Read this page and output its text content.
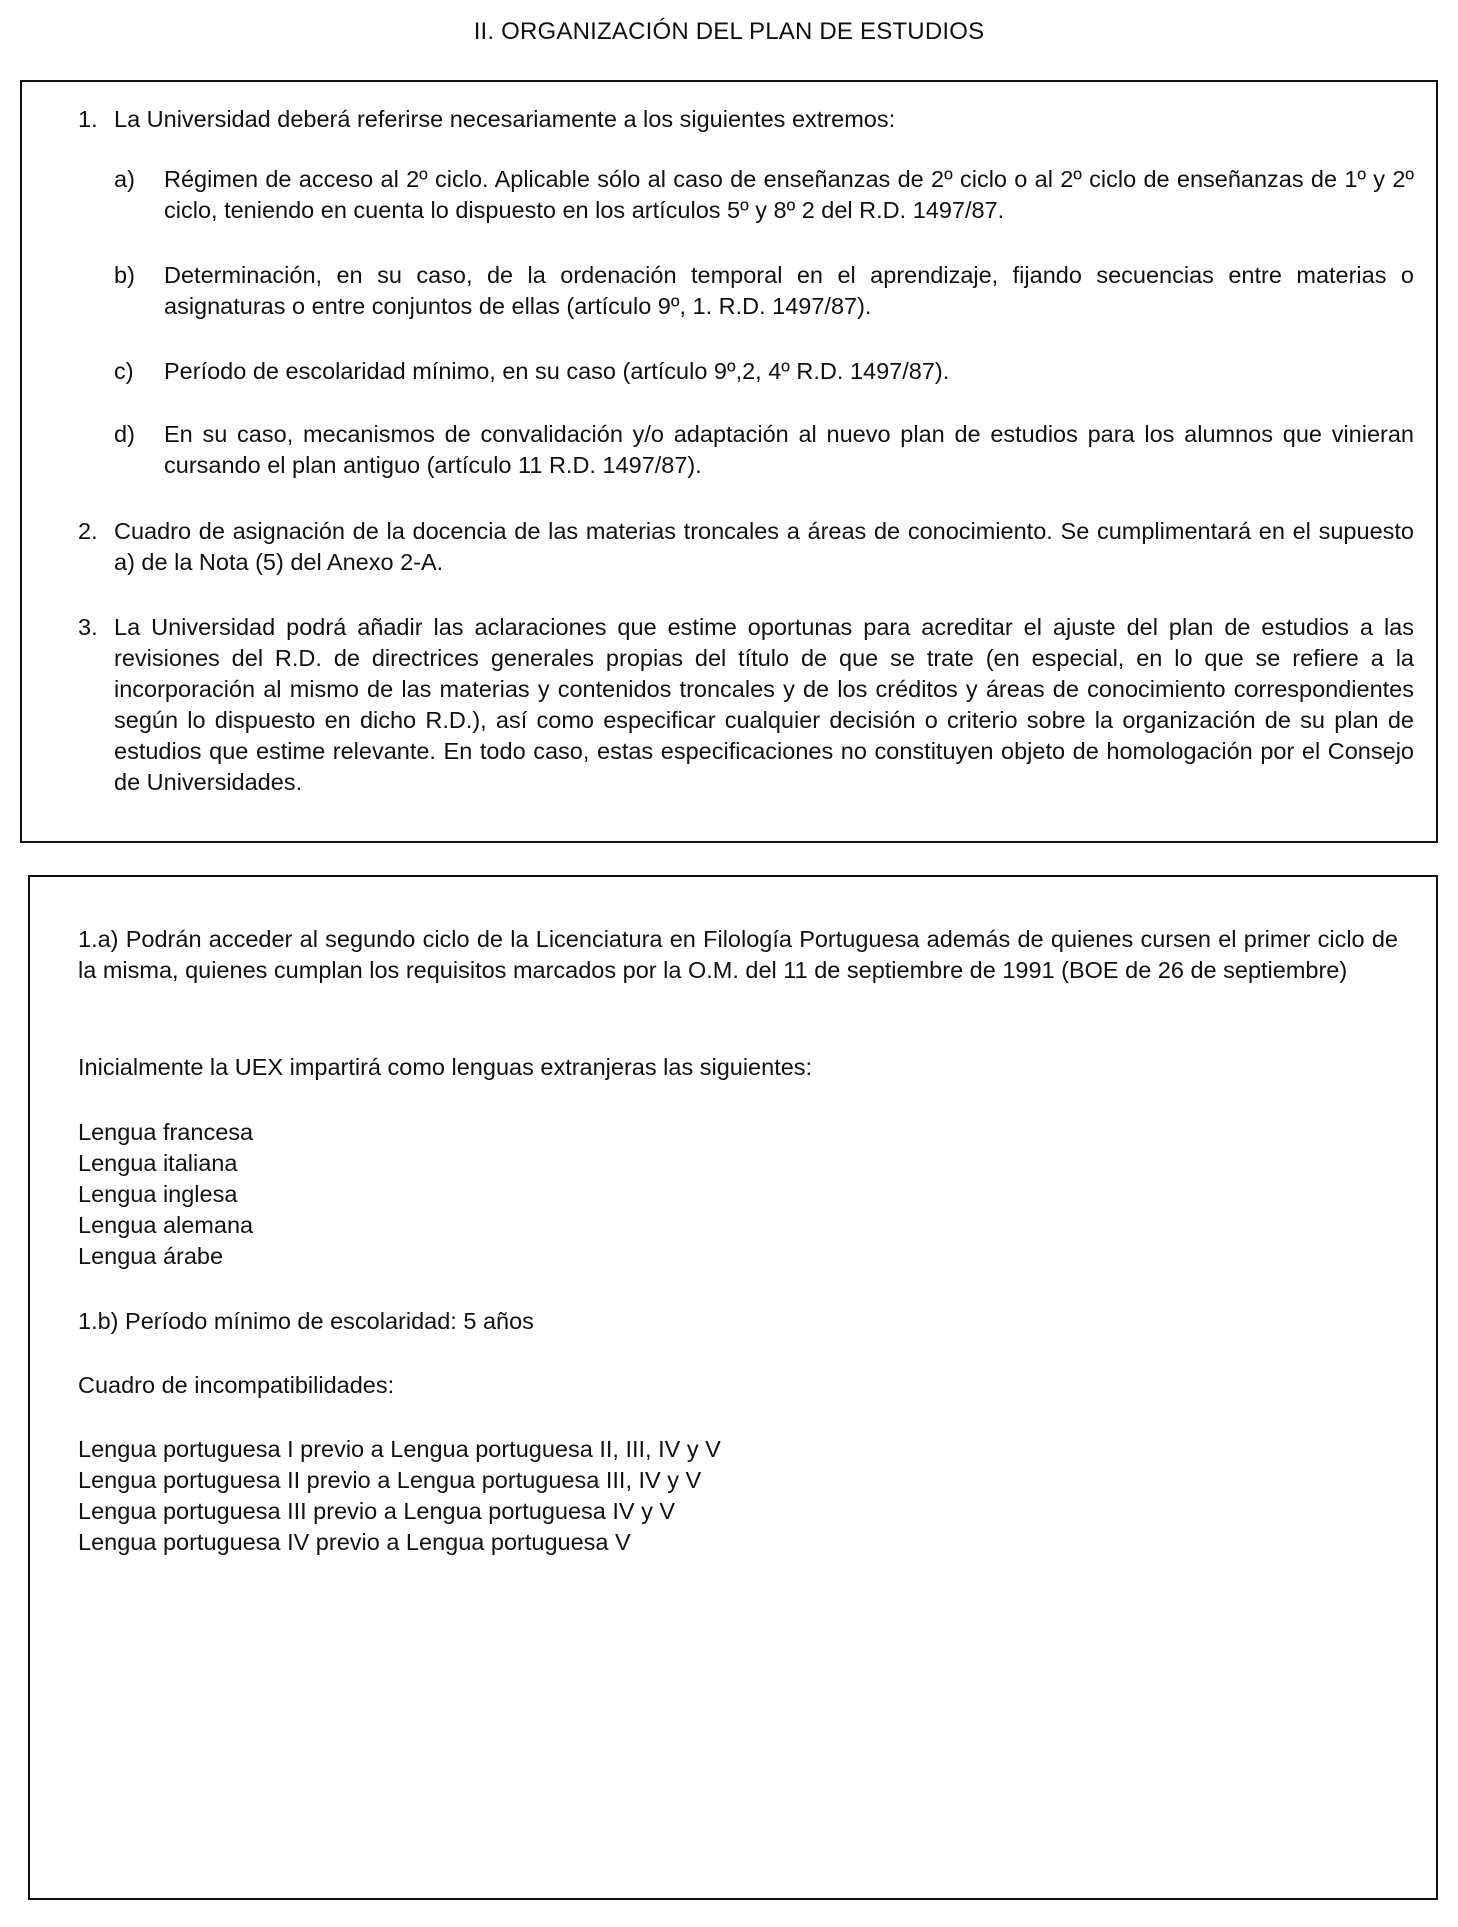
II. ORGANIZACIÓN DEL PLAN DE ESTUDIOS
1. La Universidad deberá referirse necesariamente a los siguientes extremos:
a) Régimen de acceso al 2º ciclo. Aplicable sólo al caso de enseñanzas de 2º ciclo o al 2º ciclo de enseñanzas de 1º y 2º ciclo, teniendo en cuenta lo dispuesto en los artículos 5º y 8º 2 del R.D. 1497/87.
b) Determinación, en su caso, de la ordenación temporal en el aprendizaje, fijando secuencias entre materias o asignaturas o entre conjuntos de ellas (artículo 9º, 1. R.D. 1497/87).
c) Período de escolaridad mínimo, en su caso (artículo 9º,2, 4º R.D. 1497/87).
d) En su caso, mecanismos de convalidación y/o adaptación al nuevo plan de estudios para los alumnos que vinieran cursando el plan antiguo (artículo 11 R.D. 1497/87).
2. Cuadro de asignación de la docencia de las materias troncales a áreas de conocimiento. Se cumplimentará en el supuesto a) de la Nota (5) del Anexo 2-A.
3. La Universidad podrá añadir las aclaraciones que estime oportunas para acreditar el ajuste del plan de estudios a las revisiones del R.D. de directrices generales propias del título de que se trate (en especial, en lo que se refiere a la incorporación al mismo de las materias y contenidos troncales y de los créditos y áreas de conocimiento correspondientes según lo dispuesto en dicho R.D.), así como especificar cualquier decisión o criterio sobre la organización de su plan de estudios que estime relevante. En todo caso, estas especificaciones no constituyen objeto de homologación por el Consejo de Universidades.
1.a) Podrán acceder al segundo ciclo de la Licenciatura en Filología Portuguesa además de quienes cursen el primer ciclo de la misma, quienes cumplan los requisitos marcados por la O.M. del 11 de septiembre de 1991 (BOE de 26 de septiembre)
Inicialmente la UEX impartirá como lenguas extranjeras las siguientes:
Lengua francesa
Lengua italiana
Lengua inglesa
Lengua alemana
Lengua árabe
1.b) Período mínimo de escolaridad: 5 años
Cuadro de incompatibilidades:
Lengua portuguesa I previo a Lengua portuguesa II, III, IV y V
Lengua portuguesa II previo a Lengua portuguesa III, IV y V
Lengua portuguesa III previo a Lengua portuguesa IV y V
Lengua portuguesa IV previo a Lengua portuguesa V
